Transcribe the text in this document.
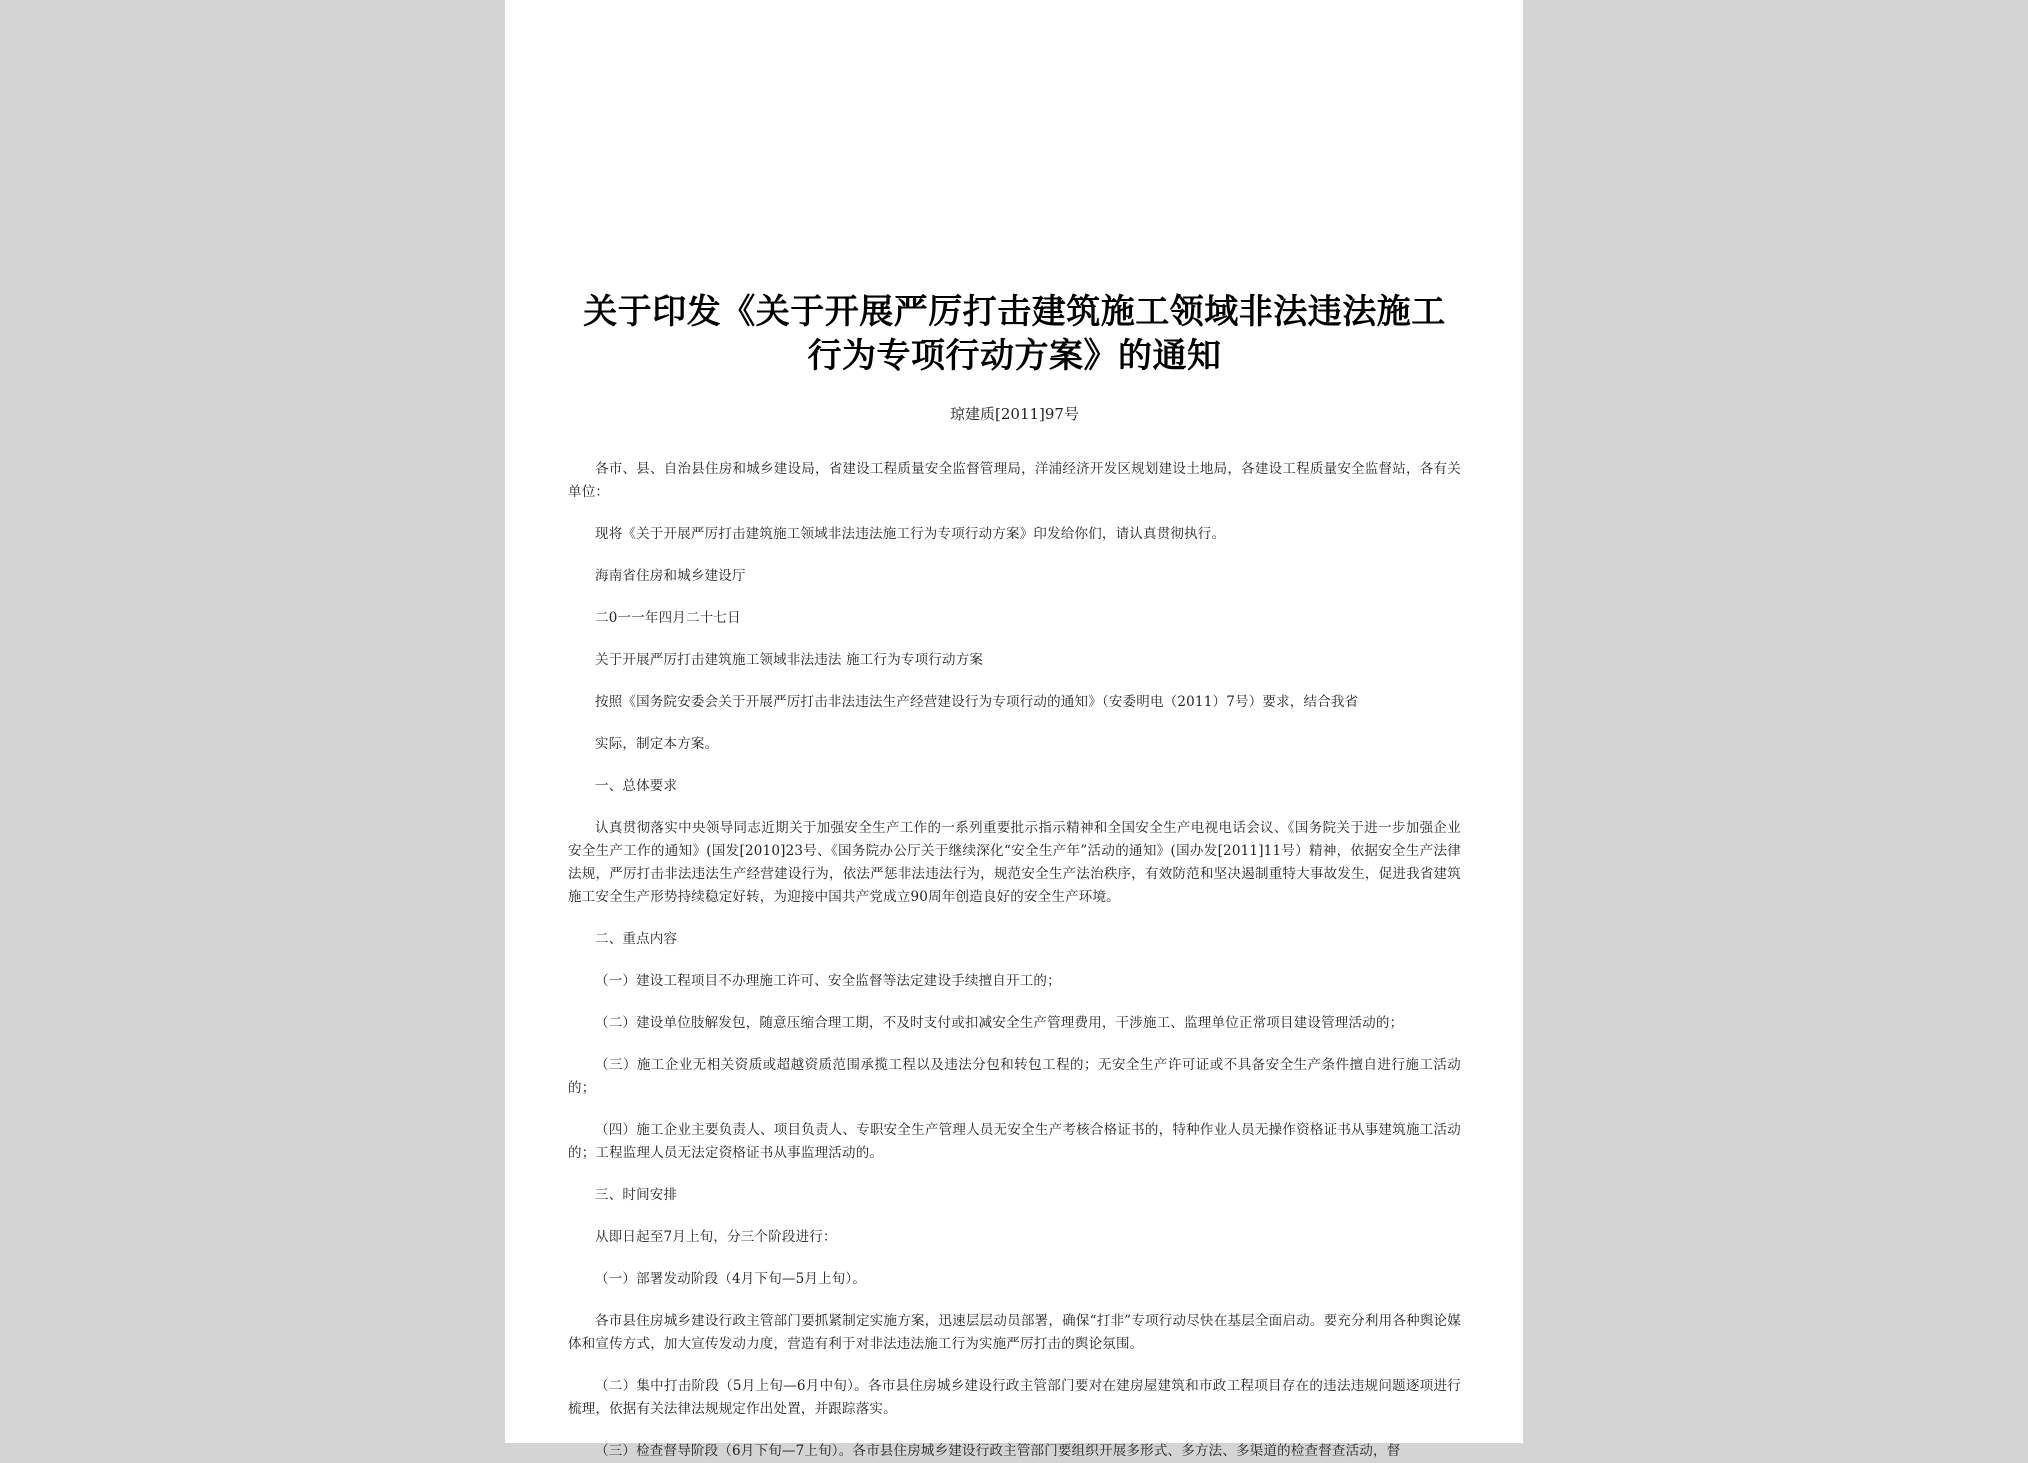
关于印发《关于开展严厉打击建筑施工领域非法违法施工行为专项行动方案》的通知
琼建质[2011]97号

各市、县、自治县住房和城乡建设局，省建设工程质量安全监督管理局，洋浦经济开发区规划建设土地局，各建设工程质量安全监督站，各有关单位：

现将《关于开展严厉打击建筑施工领域非法违法施工行为专项行动方案》印发给你们，请认真贯彻执行。

海南省住房和城乡建设厅

二0一一年四月二十七日

关于开展严厉打击建筑施工领域非法违法 施工行为专项行动方案

按照《国务院安委会关于开展严厉打击非法违法生产经营建设行为专项行动的通知》（安委明电（2011）7号）要求，结合我省

实际，制定本方案。

一、总体要求

认真贯彻落实中央领导同志近期关于加强安全生产工作的一系列重要批示指示精神和全国安全生产电视电话会议、《国务院关于进一步加强企业安全生产工作的通知》(国发[2010]23号、《国务院办公厅关于继续深化“安全生产年”活动的通知》(国办发[2011]11号）精神，依据安全生产法律法规，严厉打击非法违法生产经营建设行为，依法严惩非法违法行为，规范安全生产法治秩序，有效防范和坚决遏制重特大事故发生，促进我省建筑施工安全生产形势持续稳定好转，为迎接中国共产党成立90周年创造良好的安全生产环境。

二、重点内容

（一）建设工程项目不办理施工许可、安全监督等法定建设手续擅自开工的；

（二）建设单位肢解发包，随意压缩合理工期，不及时支付或扣减安全生产管理费用，干涉施工、监理单位正常项目建设管理活动的；

（三）施工企业无相关资质或超越资质范围承揽工程以及违法分包和转包工程的；无安全生产许可证或不具备安全生产条件擅自进行施工活动的；

（四）施工企业主要负责人、项目负责人、专职安全生产管理人员无安全生产考核合格证书的，特种作业人员无操作资格证书从事建筑施工活动的；工程监理人员无法定资格证书从事监理活动的。

三、时间安排

从即日起至7月上旬，分三个阶段进行：

（一）部署发动阶段（4月下旬—5月上旬）。

各市县住房城乡建设行政主管部门要抓紧制定实施方案，迅速层层动员部署，确保“打非”专项行动尽快在基层全面启动。要充分利用各种舆论媒体和宣传方式，加大宣传发动力度，营造有利于对非法违法施工行为实施严厉打击的舆论氛围。

（二）集中打击阶段（5月上旬—6月中旬）。各市县住房城乡建设行政主管部门要对在建房屋建筑和市政工程项目存在的违法违规问题逐项进行梳理，依据有关法律法规规定作出处置，并跟踪落实。

（三）检查督导阶段（6月下旬—7上旬）。各市县住房城乡建设行政主管部门要组织开展多形式、多方法、多渠道的检查督查活动，督
